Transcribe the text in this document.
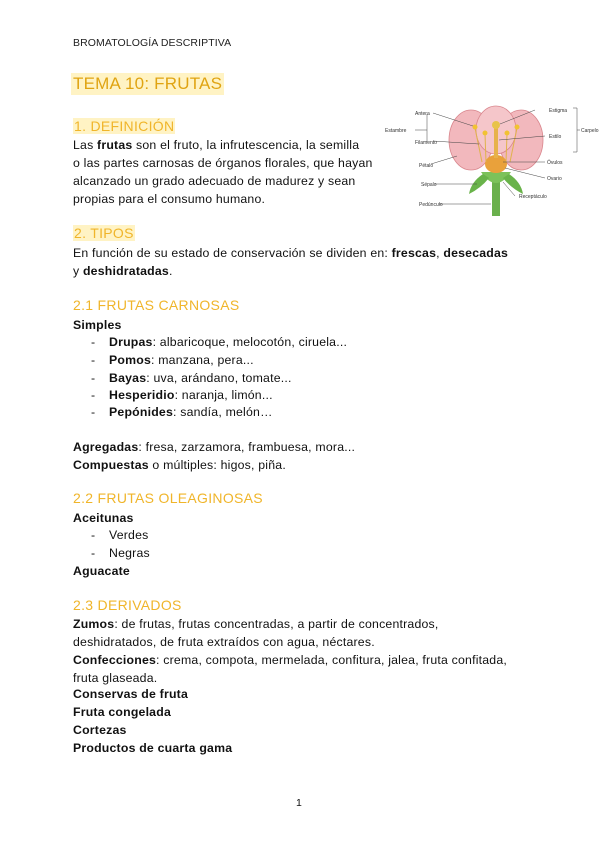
BROMATOLOGÍA DESCRIPTIVA
TEMA 10: FRUTAS
1. DEFINICIÓN
Las frutas son el fruto, la infrutescencia, la semilla
o las partes carnosas de órganos florales, que hayan
alcanzado un grado adecuado de madurez y sean
propias para el consumo humano.
Antera
Filamento
Estambre
Pétalo
Sépalo
Pedúnculo
Estigma
Estilo
Carpelo
Óvulos
Ovario
Receptáculo
2. TIPOS
En función de su estado de conservación se dividen en: frescas, desecadas
y deshidratadas.
2.1 FRUTAS CARNOSAS
Simples
- Drupas: albaricoque, melocotón, ciruela...
- Pomos: manzana, pera...
- Bayas: uva, arándano, tomate...
- Hesperidio: naranja, limón...
- Pepónides: sandía, melón…
Agregadas: fresa, zarzamora, frambuesa, mora...
Compuestas o múltiples: higos, piña.
2.2 FRUTAS OLEAGINOSAS
Aceitunas
- Verdes
- Negras
Aguacate
2.3 DERIVADOS
Zumos: de frutas, frutas concentradas, a partir de concentrados,
deshidratados, de fruta extraídos con agua, néctares.
Confecciones: crema, compota, mermelada, confitura, jalea, fruta confitada,
fruta glaseada.
Conservas de fruta
Fruta congelada
Cortezas
Productos de cuarta gama
1
